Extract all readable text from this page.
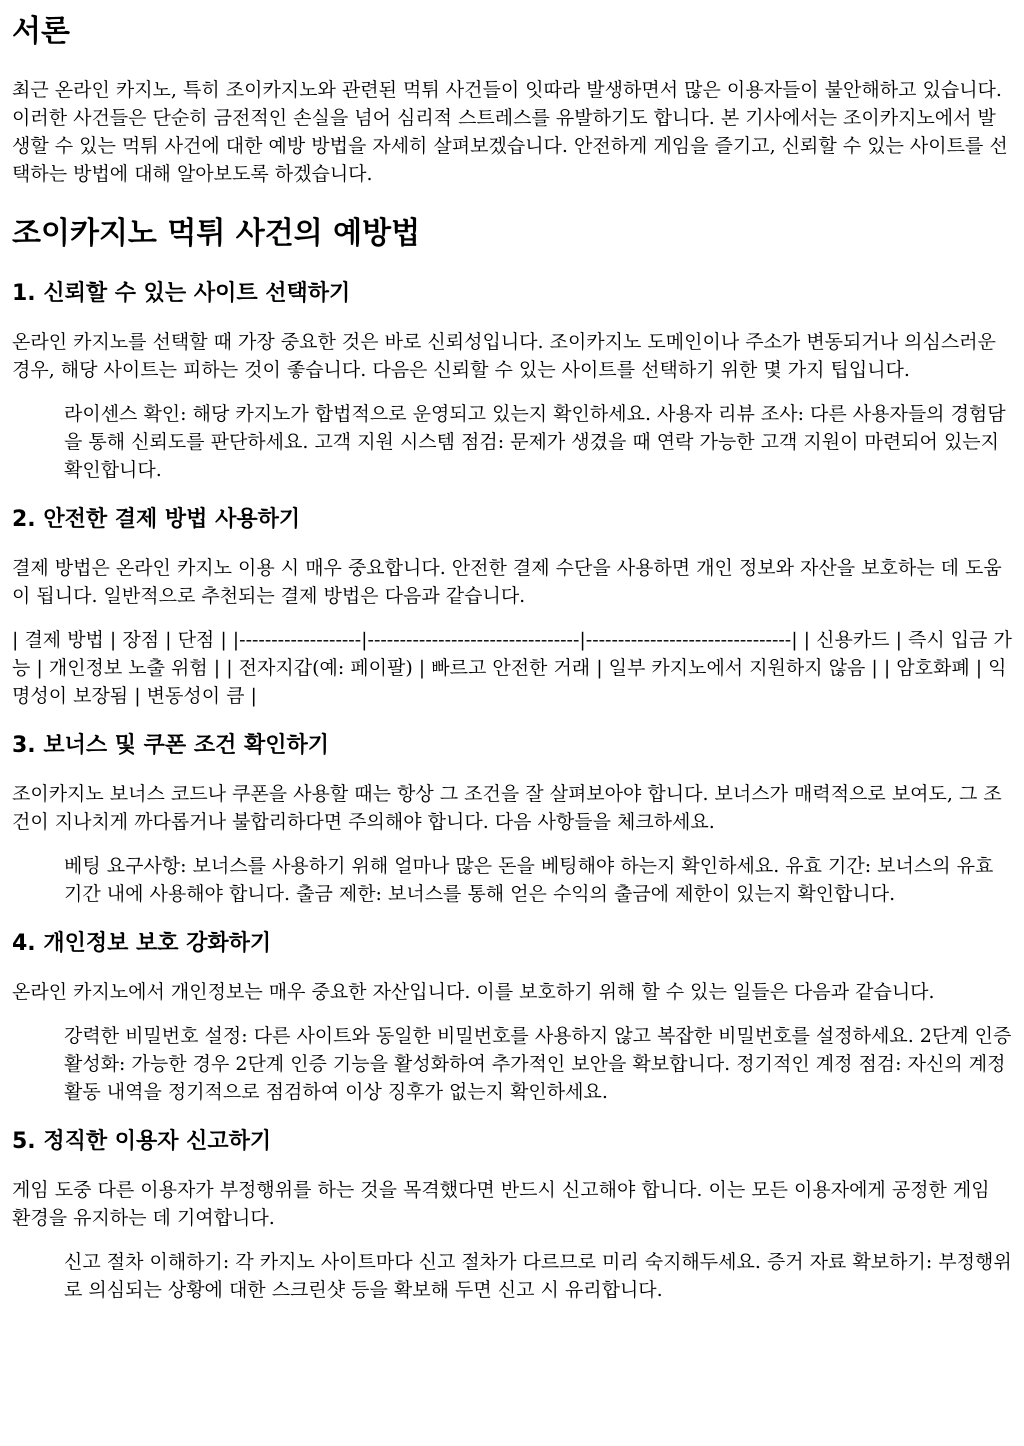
서론

최근 온라인 카지노, 특히 조이카지노와 관련된 먹튀 사건들이 잇따라 발생하면서 많은 이용자들이 불안해하고 있습니다. 이러한 사건들은 단순히 금전적인 손실을 넘어 심리적 스트레스를 유발하기도 합니다. 본 기사에서는 조이카지노에서 발생할 수 있는 먹튀 사건에 대한 예방 방법을 자세히 살펴보겠습니다. 안전하게 게임을 즐기고, 신뢰할 수 있는 사이트를 선택하는 방법에 대해 알아보도록 하겠습니다.

조이카지노 먹튀 사건의 예방법
1. 신뢰할 수 있는 사이트 선택하기

온라인 카지노를 선택할 때 가장 중요한 것은 바로 신뢰성입니다. 조이카지노 도메인이나 주소가 변동되거나 의심스러운 경우, 해당 사이트는 피하는 것이 좋습니다. 다음은 신뢰할 수 있는 사이트를 선택하기 위한 몇 가지 팁입니다.

라이센스 확인: 해당 카지노가 합법적으로 운영되고 있는지 확인하세요. 사용자 리뷰 조사: 다른 사용자들의 경험담을 통해 신뢰도를 판단하세요. 고객 지원 시스템 점검: 문제가 생겼을 때 연락 가능한 고객 지원이 마련되어 있는지 확인합니다.
2. 안전한 결제 방법 사용하기

결제 방법은 온라인 카지노 이용 시 매우 중요합니다. 안전한 결제 수단을 사용하면 개인 정보와 자산을 보호하는 데 도움이 됩니다. 일반적으로 추천되는 결제 방법은 다음과 같습니다.

| 결제 방법 | 장점 | 단점 | |-------------------|---------------------------------|--------------------------------| | 신용카드 | 즉시 입금 가능 | 개인정보 노출 위험 | | 전자지갑(예: 페이팔) | 빠르고 안전한 거래 | 일부 카지노에서 지원하지 않음 | | 암호화폐 | 익명성이 보장됨 | 변동성이 큼 |

3. 보너스 및 쿠폰 조건 확인하기

조이카지노 보너스 코드나 쿠폰을 사용할 때는 항상 그 조건을 잘 살펴보아야 합니다. 보너스가 매력적으로 보여도, 그 조건이 지나치게 까다롭거나 불합리하다면 주의해야 합니다. 다음 사항들을 체크하세요.

베팅 요구사항: 보너스를 사용하기 위해 얼마나 많은 돈을 베팅해야 하는지 확인하세요. 유효 기간: 보너스의 유효 기간 내에 사용해야 합니다. 출금 제한: 보너스를 통해 얻은 수익의 출금에 제한이 있는지 확인합니다.
4. 개인정보 보호 강화하기

온라인 카지노에서 개인정보는 매우 중요한 자산입니다. 이를 보호하기 위해 할 수 있는 일들은 다음과 같습니다.

강력한 비밀번호 설정: 다른 사이트와 동일한 비밀번호를 사용하지 않고 복잡한 비밀번호를 설정하세요. 2단계 인증 활성화: 가능한 경우 2단계 인증 기능을 활성화하여 추가적인 보안을 확보합니다. 정기적인 계정 점검: 자신의 계정 활동 내역을 정기적으로 점검하여 이상 징후가 없는지 확인하세요.
5. 정직한 이용자 신고하기

게임 도중 다른 이용자가 부정행위를 하는 것을 목격했다면 반드시 신고해야 합니다. 이는 모든 이용자에게 공정한 게임 환경을 유지하는 데 기여합니다.

신고 절차 이해하기: 각 카지노 사이트마다 신고 절차가 다르므로 미리 숙지해두세요. 증거 자료 확보하기: 부정행위로 의심되는 상황에 대한 스크린샷 등을 확보해 두면 신고 시 유리합니다.
